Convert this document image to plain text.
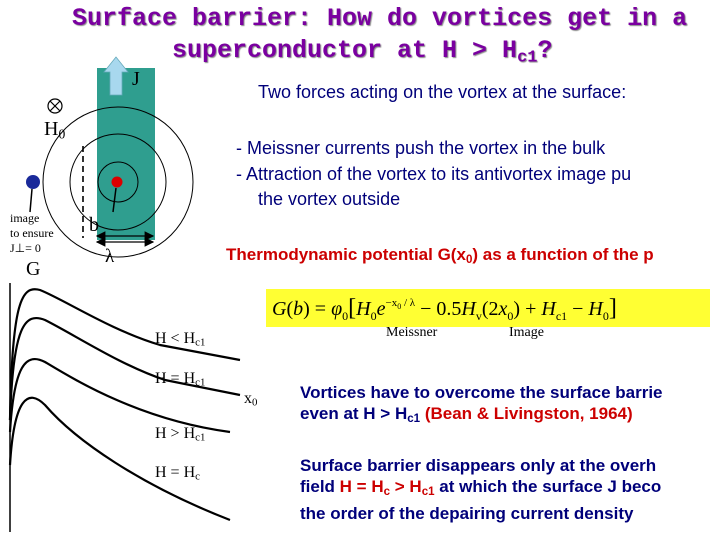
Surface barrier: How do vortices get in a
superconductor at $H > H_{c1}$?
J
$H_0$
image
to ensure
J⊥= 0
b
λ
Two forces acting on the vortex at the surface:
- Meissner currents push the vortex in the bulk
- Attraction of the vortex to its antivortex image pu
the vortex outside
Thermodynamic potential $G(x_0)$ as a function of the p
$G(b) = \varphi_0[H_0e^{-x}0 / \lambda - 0.5H_v(2x_0) + H_{c1} - H_0]$
Meissner	Image
G
$x_0$
$H < H_{c1}$
$H = H_{c1}$
$H > H_{c1}$
$H = H_c$
Vortices have to overcome the surface barrie
even at $H > H_{c1}$ (Bean & Livingston, 1964)
Surface barrier disappears only at the overh
field $H = H_c > H_{c1}$ at which the surface J beco
the order of the depairing current density
